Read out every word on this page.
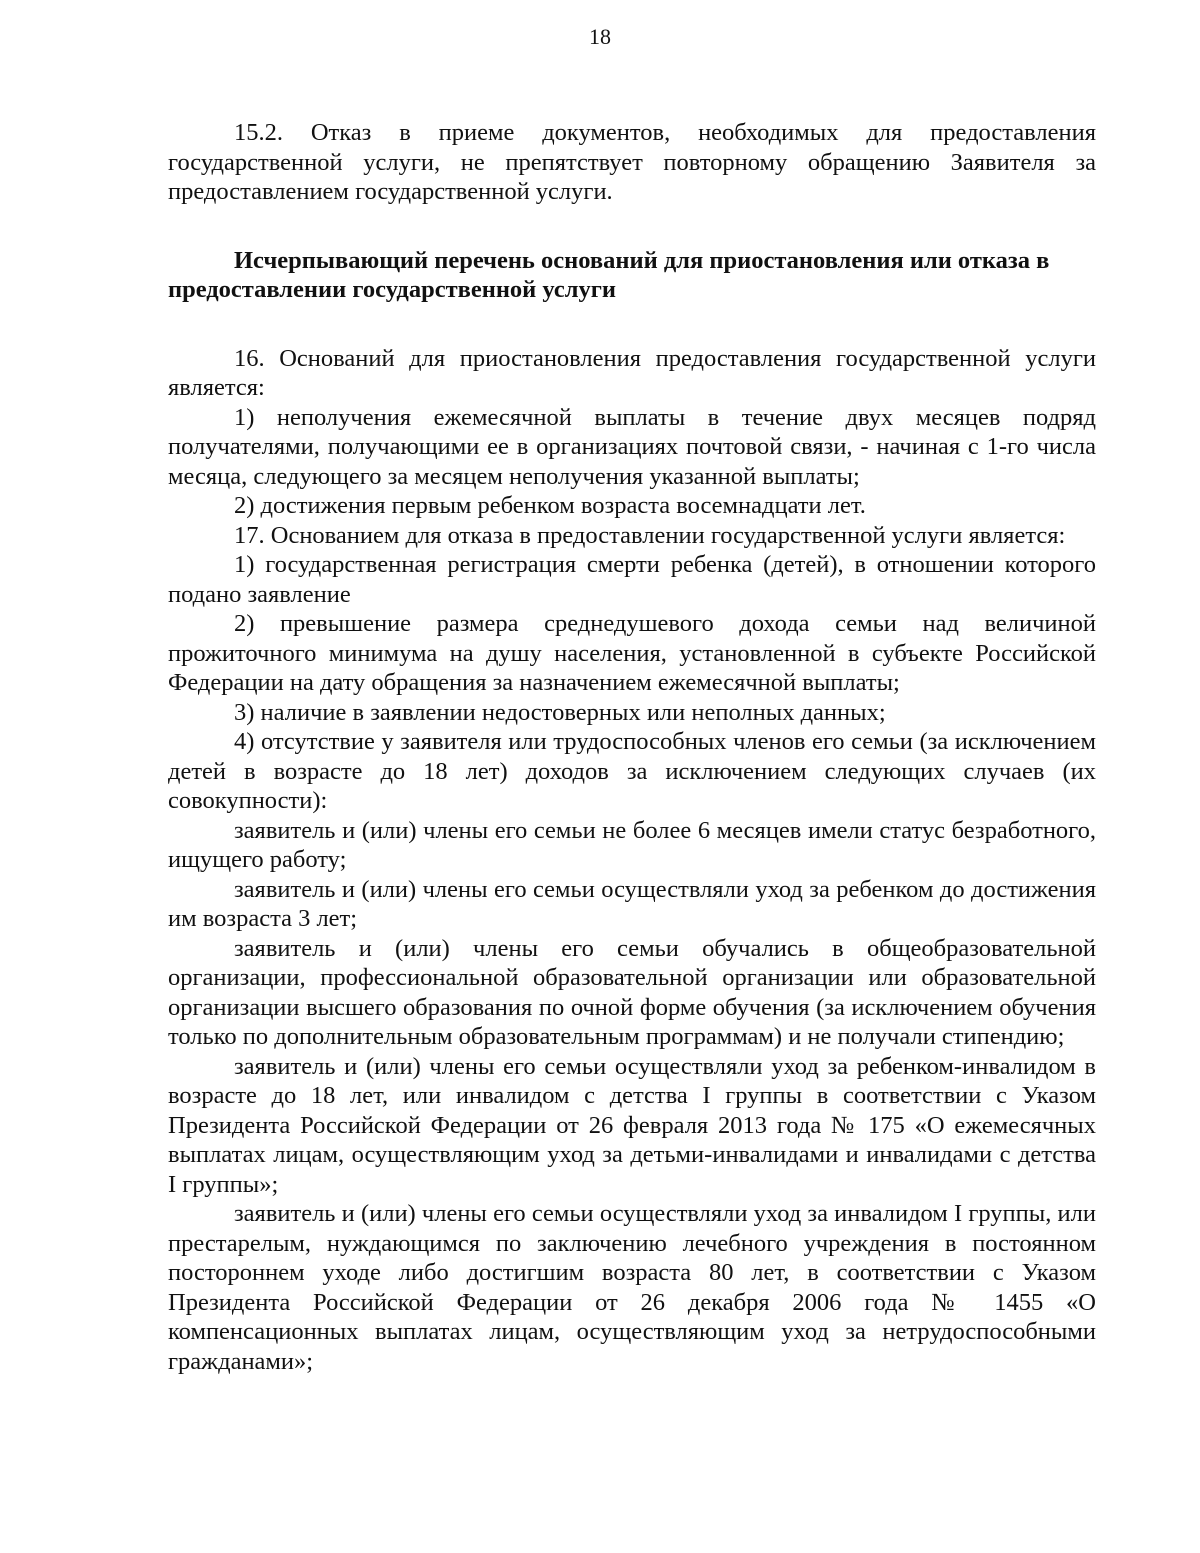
18

15.2. Отказ в приеме документов, необходимых для предоставления государственной услуги, не препятствует повторному обращению Заявителя за предоставлением государственной услуги.

Исчерпывающий перечень оснований для приостановления или отказа в предоставлении государственной услуги

16. Оснований для приостановления предоставления государственной услуги является:

1) неполучения ежемесячной выплаты в течение двух месяцев подряд получателями, получающими ее в организациях почтовой связи, - начиная с 1-го числа месяца, следующего за месяцем неполучения указанной выплаты;

2) достижения первым ребенком возраста восемнадцати лет.

17. Основанием для отказа в предоставлении государственной услуги является:

1) государственная регистрация смерти ребенка (детей), в отношении которого подано заявление

2) превышение размера среднедушевого дохода семьи над величиной прожиточного минимума на душу населения, установленной в субъекте Российской Федерации на дату обращения за назначением ежемесячной выплаты;

3) наличие в заявлении недостоверных или неполных данных;

4) отсутствие у заявителя или трудоспособных членов его семьи (за исключением детей в возрасте до 18 лет) доходов за исключением следующих случаев (их совокупности):

заявитель и (или) члены его семьи не более 6 месяцев имели статус безработного, ищущего работу;

заявитель и (или) члены его семьи осуществляли уход за ребенком до достижения им возраста 3 лет;

заявитель и (или) члены его семьи обучались в общеобразовательной организации, профессиональной образовательной организации или образовательной организации высшего образования по очной форме обучения (за исключением обучения только по дополнительным образовательным программам) и не получали стипендию;

заявитель и (или) члены его семьи осуществляли уход за ребенком-инвалидом в возрасте до 18 лет, или инвалидом с детства I группы в соответствии с Указом Президента Российской Федерации от 26 февраля 2013 года № 175 «О ежемесячных выплатах лицам, осуществляющим уход за детьми-инвалидами и инвалидами с детства I группы»;

заявитель и (или) члены его семьи осуществляли уход за инвалидом I группы, или престарелым, нуждающимся по заключению лечебного учреждения в постоянном постороннем уходе либо достигшим возраста 80 лет, в соответствии с Указом Президента Российской Федерации от 26 декабря 2006 года № 1455 «О компенсационных выплатах лицам, осуществляющим уход за нетрудоспособными гражданами»;
